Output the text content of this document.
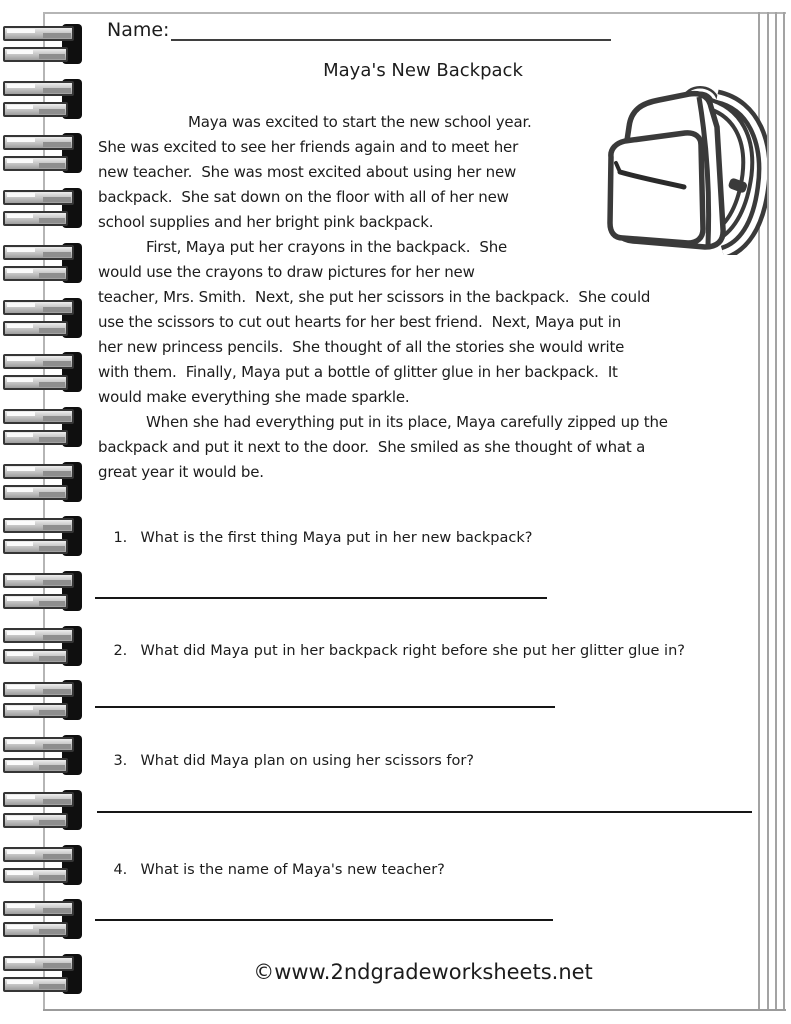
Name:
Maya's New Backpack
Maya was excited to start the new school year.
She was excited to see her friends again and to meet her
new teacher.  She was most excited about using her new
backpack.  She sat down on the floor with all of her new
school supplies and her bright pink backpack.
First, Maya put her crayons in the backpack.  She
would use the crayons to draw pictures for her new
teacher, Mrs. Smith.  Next, she put her scissors in the backpack.  She could
use the scissors to cut out hearts for her best friend.  Next, Maya put in
her new princess pencils.  She thought of all the stories she would write
with them.  Finally, Maya put a bottle of glitter glue in her backpack.  It
would make everything she made sparkle.
When she had everything put in its place, Maya carefully zipped up the
backpack and put it next to the door.  She smiled as she thought of what a
great year it would be.

1. What is the first thing Maya put in her new backpack?

2. What did Maya put in her backpack right before she put her glitter glue in?

3. What did Maya plan on using her scissors for?

4. What is the name of Maya's new teacher?

©www.2ndgradeworksheets.net
